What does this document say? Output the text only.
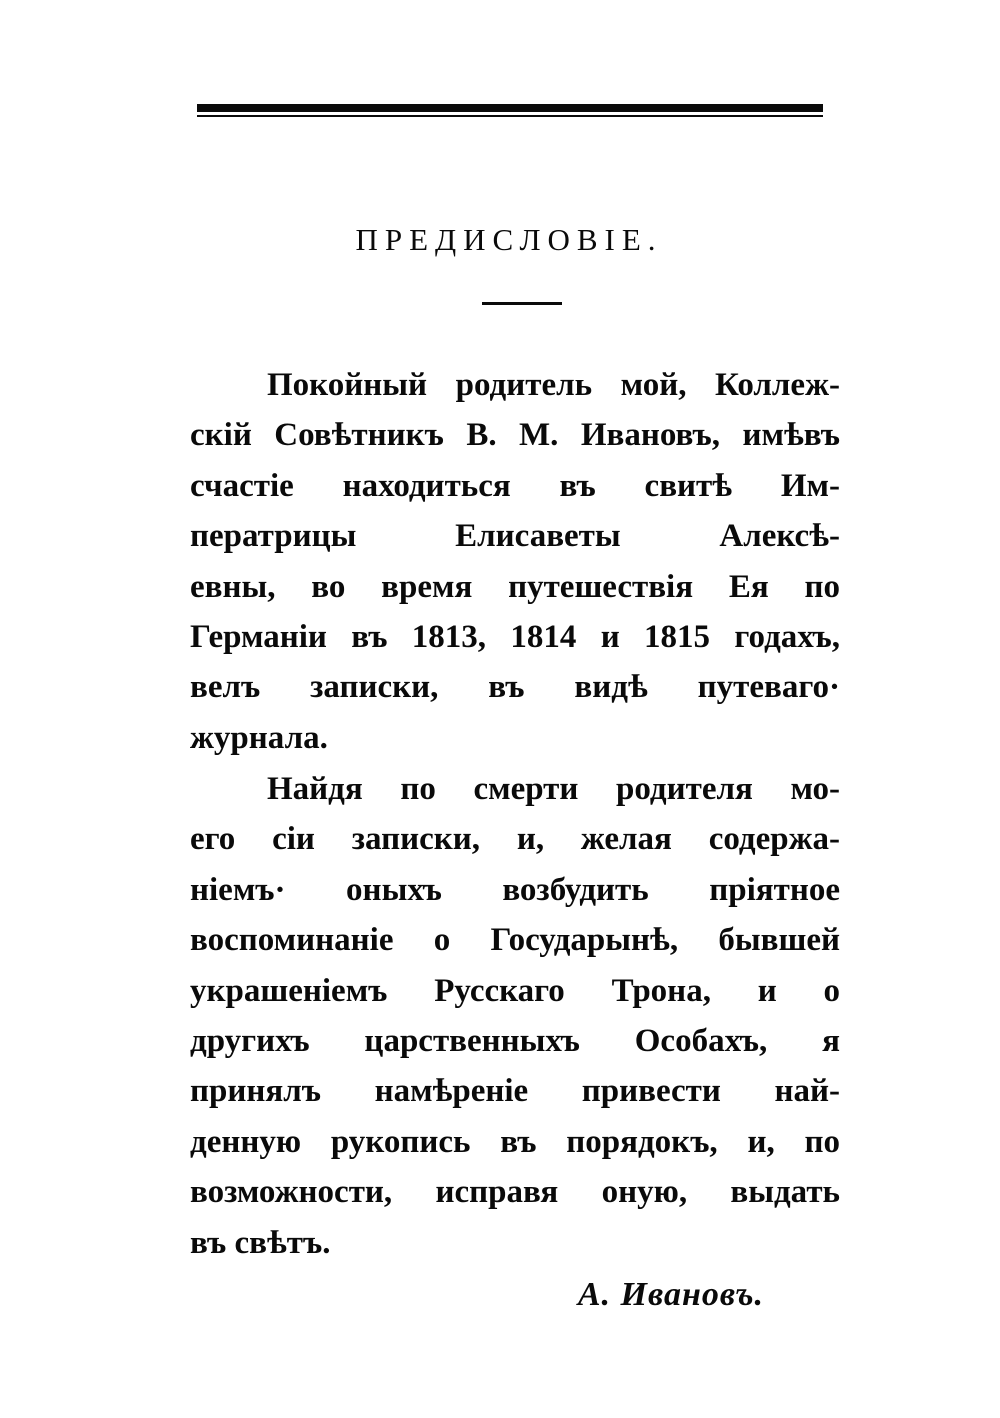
ПРЕДИСЛОВІЕ.
Покойный родитель мой, Коллеж-
скій Совѣтникъ В. М. Ивановъ, имѣвъ
счастіе находиться въ свитѣ Им-
ператрицы Елисаветы Алексѣ-
евны, во время путешествія Ея по
Германіи въ 1813, 1814 и 1815 годахъ,
велъ записки, въ видѣ путеваго·
журнала.
Найдя по смерти родителя мо-
его сіи записки, и, желая содержа-
ніемъ· оныхъ возбудить пріятное
воспоминаніе о Государынѣ, бывшей
украшеніемъ Русскаго Трона, и о
другихъ царственныхъ Особахъ, я
принялъ намѣреніе привести най-
денную рукопись въ порядокъ, и, по
возможности, исправя оную, выдать
въ свѣтъ.
А. Ивановъ.
